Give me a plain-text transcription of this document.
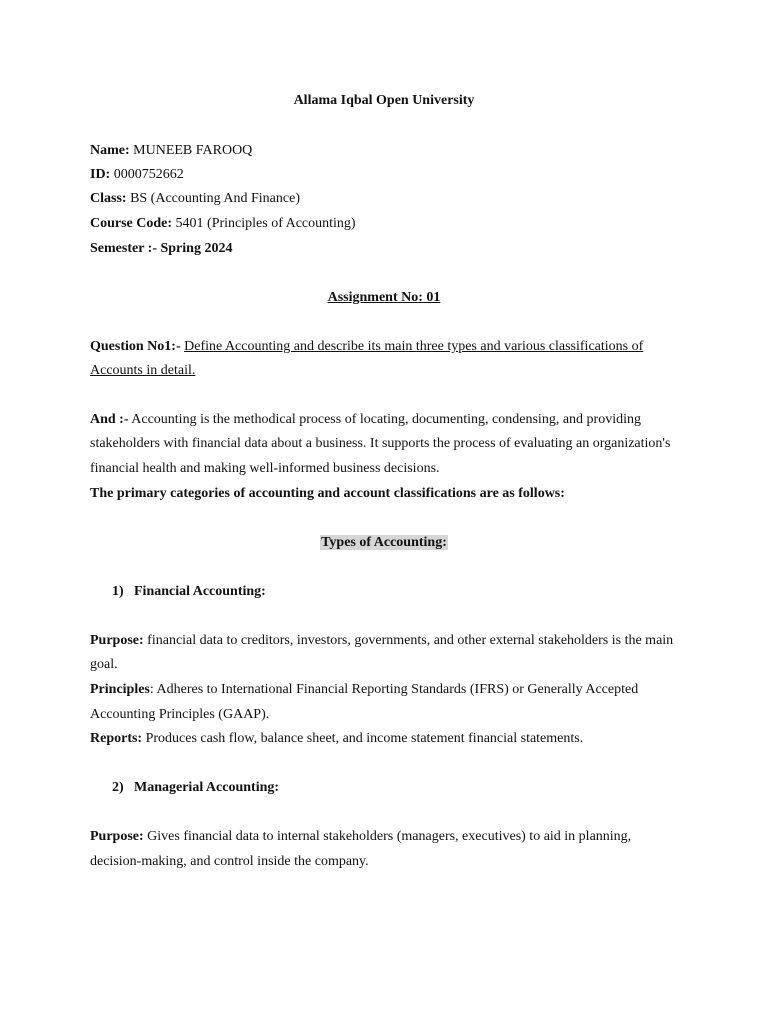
Allama Iqbal Open University
Name: MUNEEB FAROOQ
ID: 0000752662
Class: BS (Accounting And Finance)
Course Code: 5401 (Principles of Accounting)
Semester :- Spring 2024
Assignment No: 01
Question No1:- Define Accounting and describe its main three types and various classifications of
Accounts in detail.
And :- Accounting is the methodical process of locating, documenting, condensing, and providing
stakeholders with financial data about a business. It supports the process of evaluating an organization's
financial health and making well-informed business decisions.
The primary categories of accounting and account classifications are as follows:
Types of Accounting:
1) Financial Accounting:
Purpose: financial data to creditors, investors, governments, and other external stakeholders is the main
goal.
Principles: Adheres to International Financial Reporting Standards (IFRS) or Generally Accepted
Accounting Principles (GAAP).
Reports: Produces cash flow, balance sheet, and income statement financial statements.
2) Managerial Accounting:
Purpose: Gives financial data to internal stakeholders (managers, executives) to aid in planning,
decision-making, and control inside the company.
